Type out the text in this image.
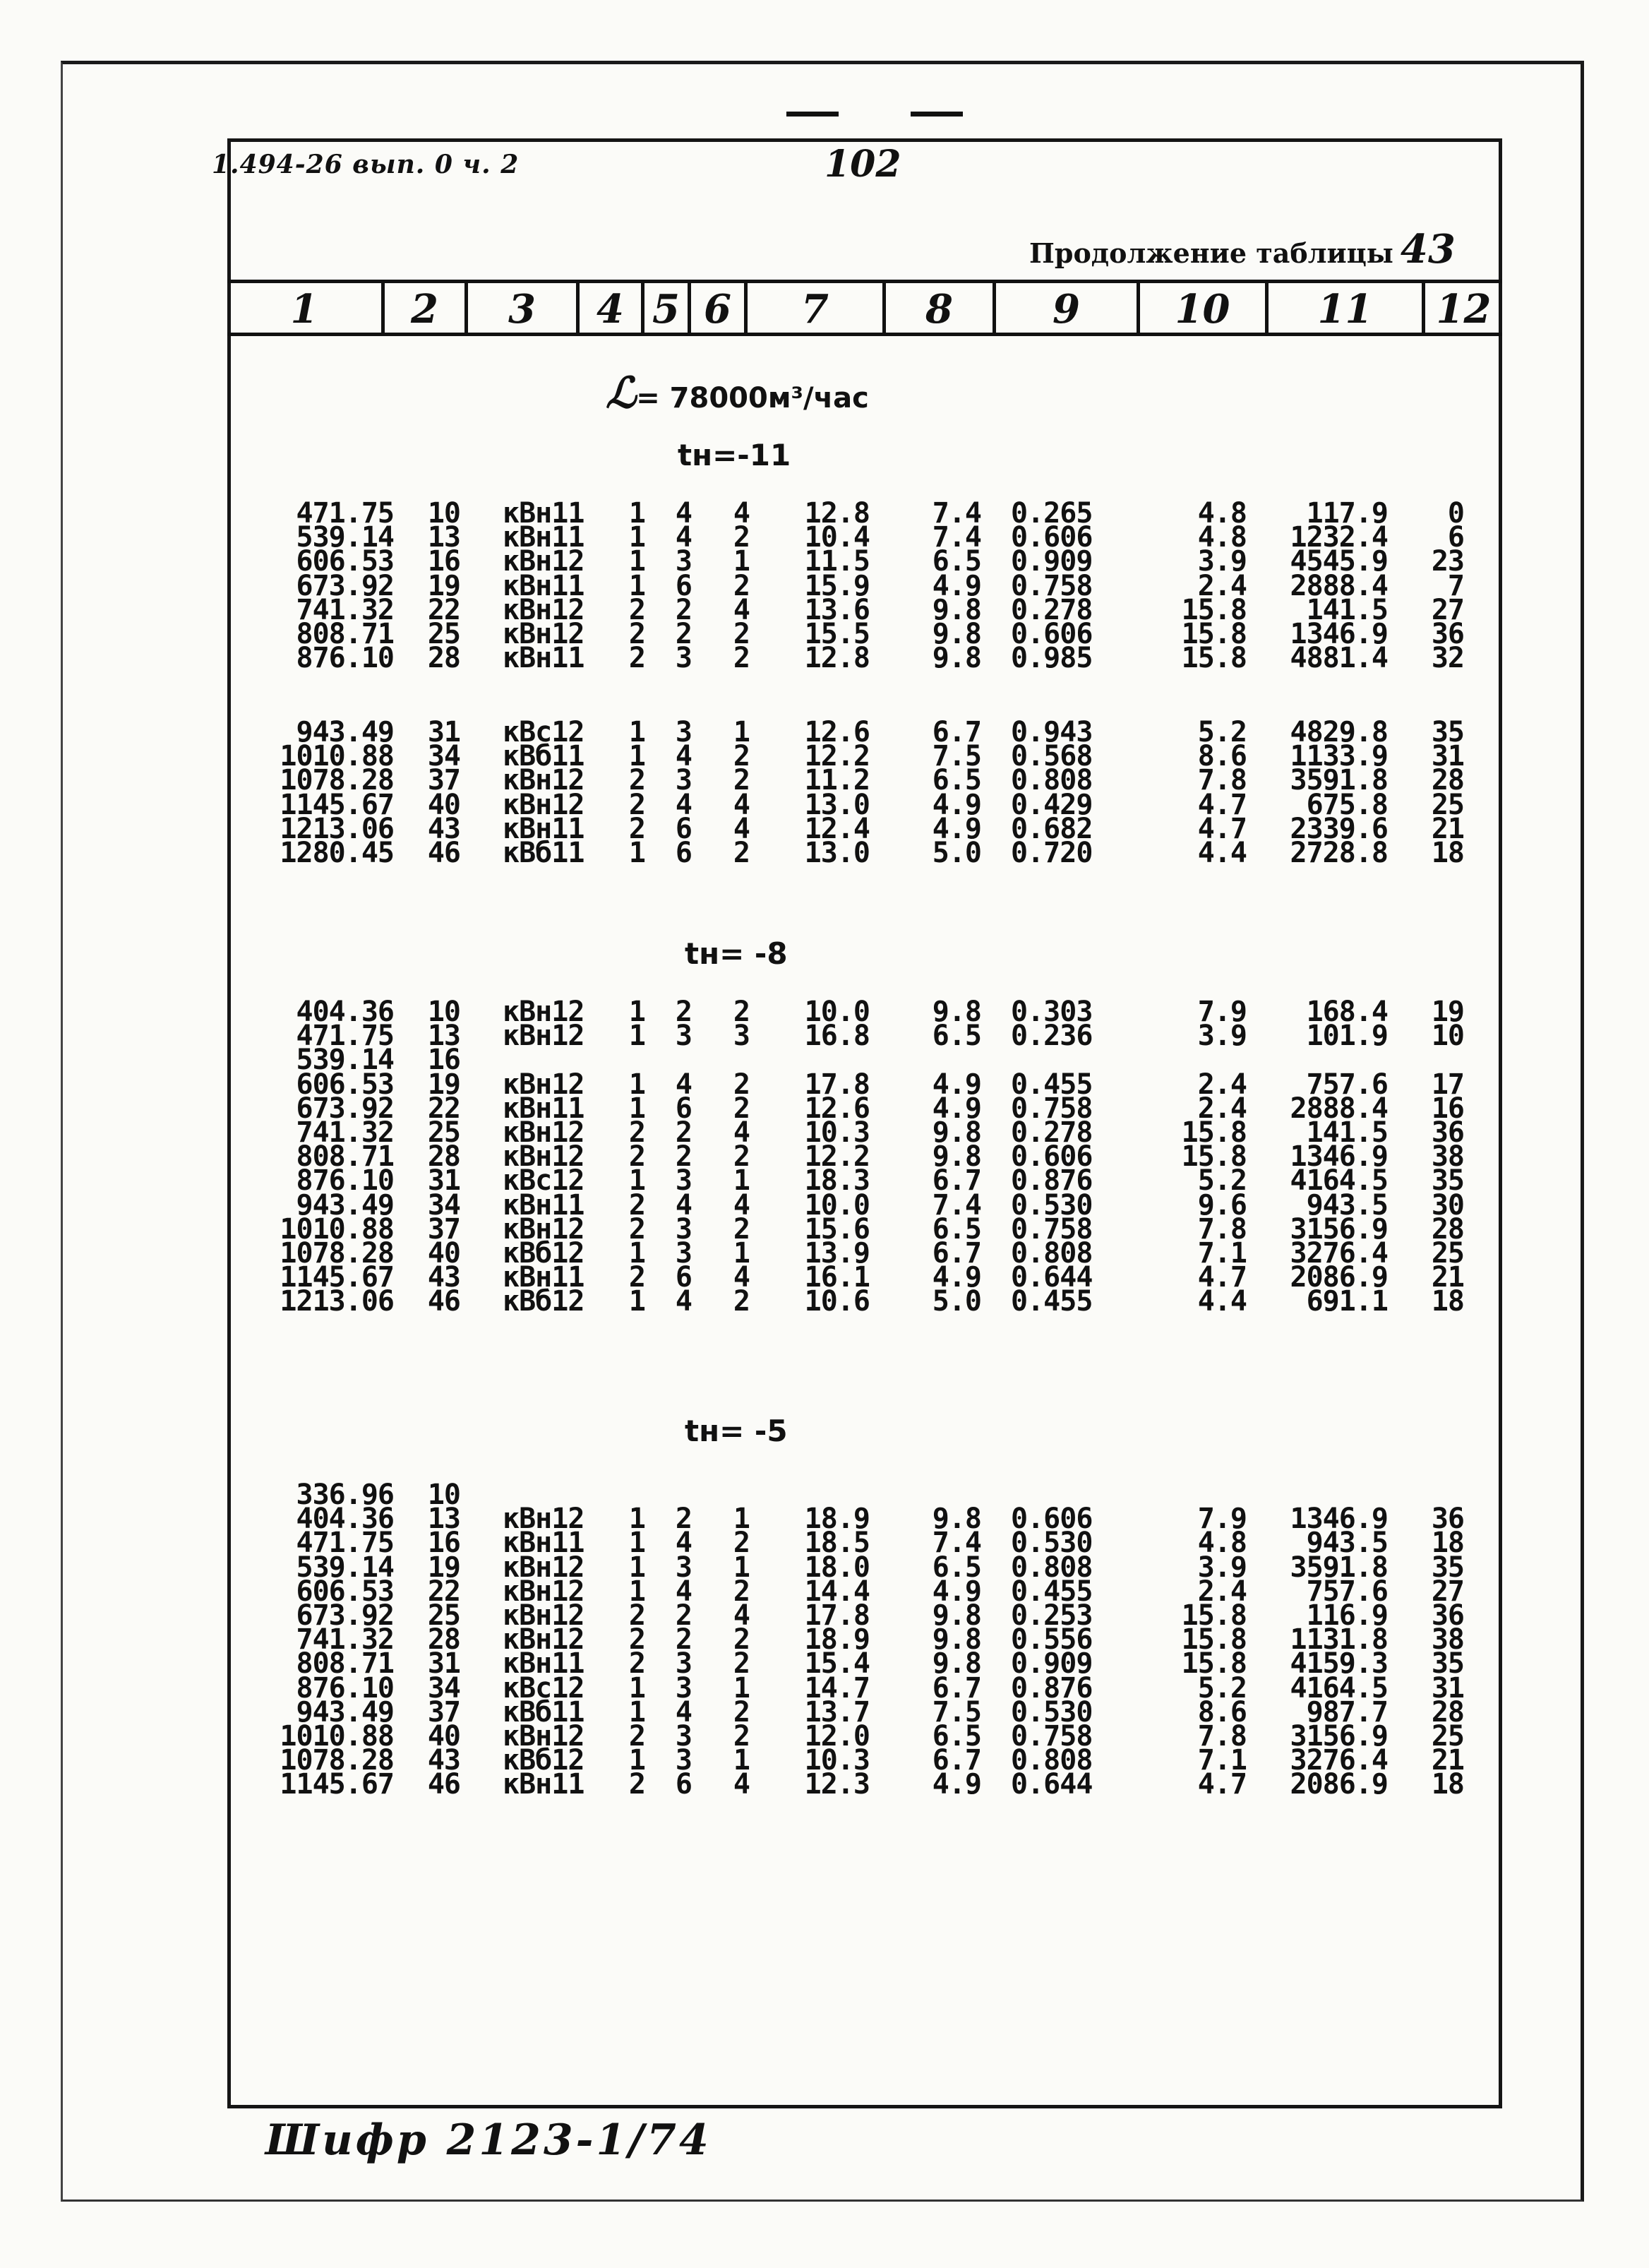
1.494-26 вып. 0 ч. 2	102
Продолжение таблицы 43
1	2	3	4 5 6	7	8	9	10	11	12
ℒ= 78000м³/час
tн=-11
tн= -8
tн= -5
471.75 10 кВн11 1 4 4 12.8 7.4 0.265	4.8 117.9 0
539.14 13 кВн11 1 4 2 10.4 7.4 0.606	4.8 1232.4 6
606.53 16 кВн12 1 3 1 11.5 6.5 0.909	3.9 4545.9 23
673.92 19 кВн11 1 6 2 15.9 4.9 0.758	2.4 2888.4 7
741.32 22 кВн12 2 2 4 13.6 9.8 0.278	15.8 141.5 27
808.71 25 кВн12 2 2 2 15.5 9.8 0.606	15.8 1346.9 36
876.10 28 кВн11 2 3 2 12.8 9.8 0.985	15.8 4881.4 32
943.49 31 кВс12 1 3 1 12.6 6.7 0.943	5.2 4829.8 35
1010.88 34 кВб11 1 4 2 12.2 7.5 0.568	8.6 1133.9 31
1078.28 37 кВн12 2 3 2 11.2 6.5 0.808	7.8 3591.8 28
1145.67 40 кВн12 2 4 4 13.0 4.9 0.429	4.7 675.8 25
1213.06 43 кВн11 2 6 4 12.4 4.9 0.682	4.7 2339.6 21
1280.45 46 кВб11 1 6 2 13.0 5.0 0.720	4.4 2728.8 18
404.36 10 кВн12 1 2 2 10.0 9.8 0.303	7.9 168.4 19
471.75 13 кВн12 1 3 3 16.8 6.5 0.236	3.9 101.9 10
539.14 16
606.53 19 кВн12 1 4 2 17.8 4.9 0.455	2.4 757.6 17
673.92 22 кВн11 1 6 2 12.6 4.9 0.758	2.4 2888.4 16
741.32 25 кВн12 2 2 4 10.3 9.8 0.278	15.8 141.5 36
808.71 28 кВн12 2 2 2 12.2 9.8 0.606	15.8 1346.9 38
876.10 31 кВс12 1 3 1 18.3 6.7 0.876	5.2 4164.5 35
943.49 34 кВн11 2 4 4 10.0 7.4 0.530	9.6 943.5 30
1010.88 37 кВн12 2 3 2 15.6 6.5 0.758	7.8 3156.9 28
1078.28 40 кВб12 1 3 1 13.9 6.7 0.808	7.1 3276.4 25
1145.67 43 кВн11 2 6 4 16.1 4.9 0.644	4.7 2086.9 21
1213.06 46 кВб12 1 4 2 10.6 5.0 0.455	4.4 691.1 18
336.96 10
404.36 13 кВн12 1 2 1 18.9 9.8 0.606	7.9 1346.9 36
471.75 16 кВн11 1 4 2 18.5 7.4 0.530	4.8 943.5 18
539.14 19 кВн12 1 3 1 18.0 6.5 0.808	3.9 3591.8 35
606.53 22 кВн12 1 4 2 14.4 4.9 0.455	2.4 757.6 27
673.92 25 кВн12 2 2 4 17.8 9.8 0.253	15.8 116.9 36
741.32 28 кВн12 2 2 2 18.9 9.8 0.556	15.8 1131.8 38
808.71 31 кВн11 2 3 2 15.4 9.8 0.909	15.8 4159.3 35
876.10 34 кВс12 1 3 1 14.7 6.7 0.876	5.2 4164.5 31
943.49 37 кВб11 1 4 2 13.7 7.5 0.530	8.6 987.7 28
1010.88 40 кВн12 2 3 2 12.0 6.5 0.758	7.8 3156.9 25
1078.28 43 кВб12 1 3 1 10.3 6.7 0.808	7.1 3276.4 21
1145.67 46 кВн11 2 6 4 12.3 4.9 0.644	4.7 2086.9 18
Шифр 2123-1/74
